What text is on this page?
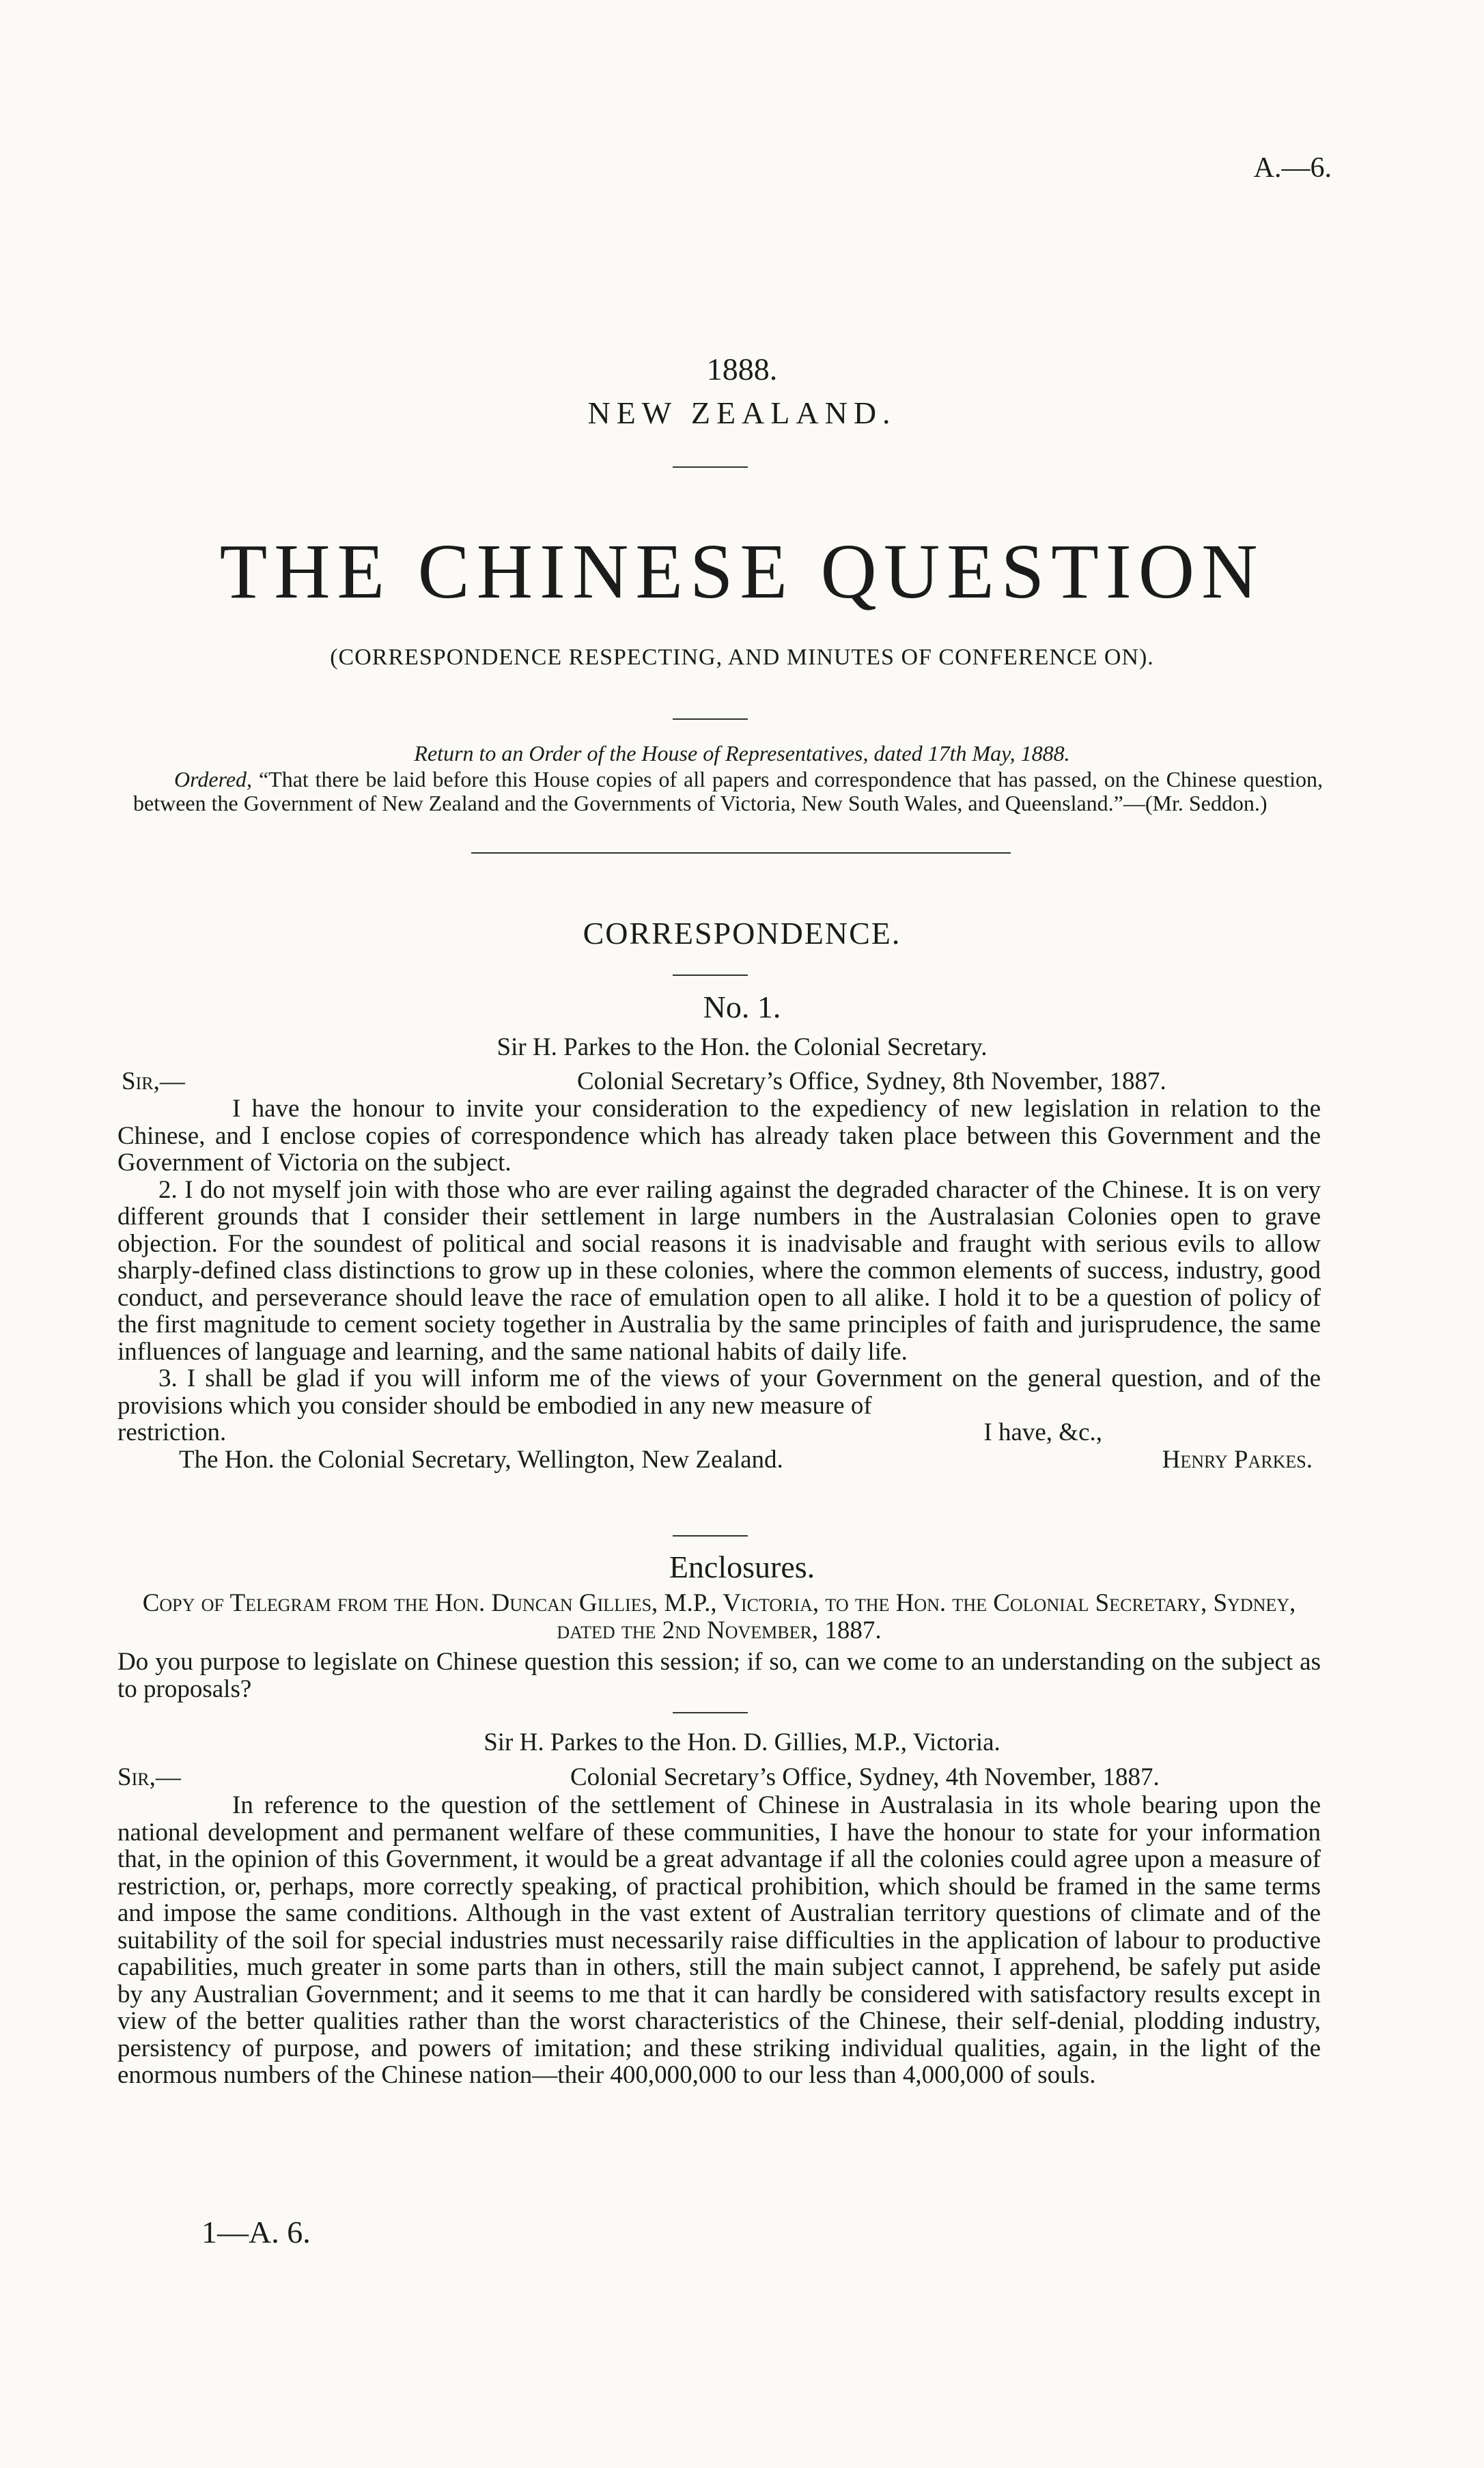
A.—6.
1888.
NEW ZEALAND.
THE CHINESE QUESTION
(CORRESPONDENCE RESPECTING, AND MINUTES OF CONFERENCE ON).
Return to an Order of the House of Representatives, dated 17th May, 1888.
Ordered, “That there be laid before this House copies of all papers and correspondence that has passed, on the Chinese question, between the Government of New Zealand and the Governments of Victoria, New South Wales, and Queensland.”—(Mr. Seddon.)
CORRESPONDENCE.
No. 1.
Sir H. Parkes to the Hon. the Colonial Secretary.
Sir,—	Colonial Secretary’s Office, Sydney, 8th November, 1887.

I have the honour to invite your consideration to the expediency of new legislation in relation to the Chinese, and I enclose copies of correspondence which has already taken place between this Government and the Government of Victoria on the subject.

2. I do not myself join with those who are ever railing against the degraded character of the Chinese. It is on very different grounds that I consider their settlement in large numbers in the Australasian Colonies open to grave objection. For the soundest of political and social reasons it is inadvisable and fraught with serious evils to allow sharply-defined class distinctions to grow up in these colonies, where the common elements of success, industry, good conduct, and perseverance should leave the race of emulation open to all alike. I hold it to be a question of policy of the first magnitude to cement society together in Australia by the same principles of faith and jurisprudence, the same influences of language and learning, and the same national habits of daily life.

3. I shall be glad if you will inform me of the views of your Government on the general question, and of the provisions which you consider should be embodied in any new measure of

restriction.	I have, &c.,
The Hon. the Colonial Secretary, Wellington, New Zealand.	Henry Parkes.
Enclosures.
Copy of Telegram from the Hon. Duncan Gillies, M.P., Victoria, to the Hon. the Colonial Secretary, Sydney, dated the 2nd November, 1887.
Do you purpose to legislate on Chinese question this session; if so, can we come to an understanding on the subject as to proposals?
Sir H. Parkes to the Hon. D. Gillies, M.P., Victoria.
Sir,—	Colonial Secretary’s Office, Sydney, 4th November, 1887.

In reference to the question of the settlement of Chinese in Australasia in its whole bearing upon the national development and permanent welfare of these communities, I have the honour to state for your information that, in the opinion of this Government, it would be a great advantage if all the colonies could agree upon a measure of restriction, or, perhaps, more correctly speaking, of practical prohibition, which should be framed in the same terms and impose the same conditions. Although in the vast extent of Australian territory questions of climate and of the suitability of the soil for special industries must necessarily raise difficulties in the application of labour to productive capabilities, much greater in some parts than in others, still the main subject cannot, I apprehend, be safely put aside by any Australian Government; and it seems to me that it can hardly be considered with satisfactory results except in view of the better qualities rather than the worst characteristics of the Chinese, their self-denial, plodding industry, persistency of purpose, and powers of imitation; and these striking individual qualities, again, in the light of the enormous numbers of the Chinese nation—their 400,000,000 to our less than 4,000,000 of souls.

1—A. 6.
